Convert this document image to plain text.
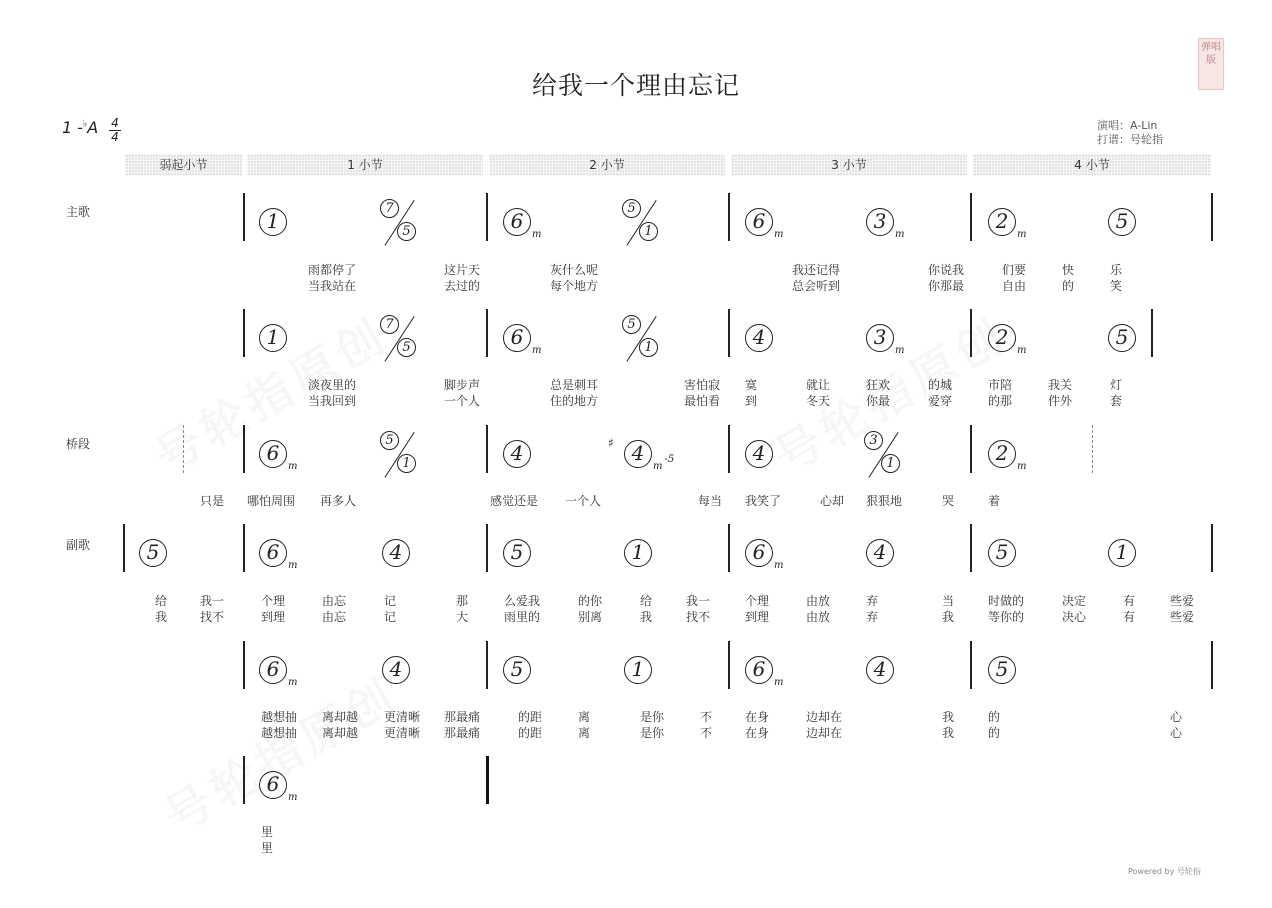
给我一个理由忘记
弹唱版
1 -♭A 4
4
演唱：A-Lin
打谱：号轮指
弱起小节	1 小节	2 小节	3 小节	4 小节
主歌
桥段
副歌
1
7
5	$6_m$
5
1	$6_m$
$3_m$
$2_m$
5
1
7
5	$6_m$
5
1	4	$3_m$
$2_m$
5
$6_m$
5
1	4	♯ $4_{m-5}$	4
3
1	$2_m$
5	$6_m$
4	5	1	$6_m$
4	5	1
$6_m$
4	5	1	$6_m$
4	5
$6_m$
雨都停了	这片天	灰什么呢	我还记得	你说我	们要	快	乐
当我站在	去过的	每个地方	总会听到	你那最	自由	的	笑
淡夜里的	脚步声	总是刺耳	害怕寂 寞	就让	狂欢	的城	市陪	我关	灯
当我回到	一个人	住的地方	最怕看 到	冬天	你最	爱穿	的那	件外	套
只是 哪怕周围 再多人	感觉还是 一个人	每当 我笑了	心却 狠狠地	哭	着
给	我一	个理	由忘	记	那	么爱我	的你	给	我一	个理	由放	弃	当	时做的	决定	有	些爱
我	找不	到理	由忘	记	大	雨里的	别离	我	找不	到理	由放	弃	我	等你的	决心	有	些爱
越想抽 离却越 更清晰 那最痛	的距	离	是你	不	在身	边却在	我	的	心
越想抽 离却越 更清晰 那最痛	的距	离	是你	不	在身	边却在	我	的	心
里
里
Powered by 号轮指
